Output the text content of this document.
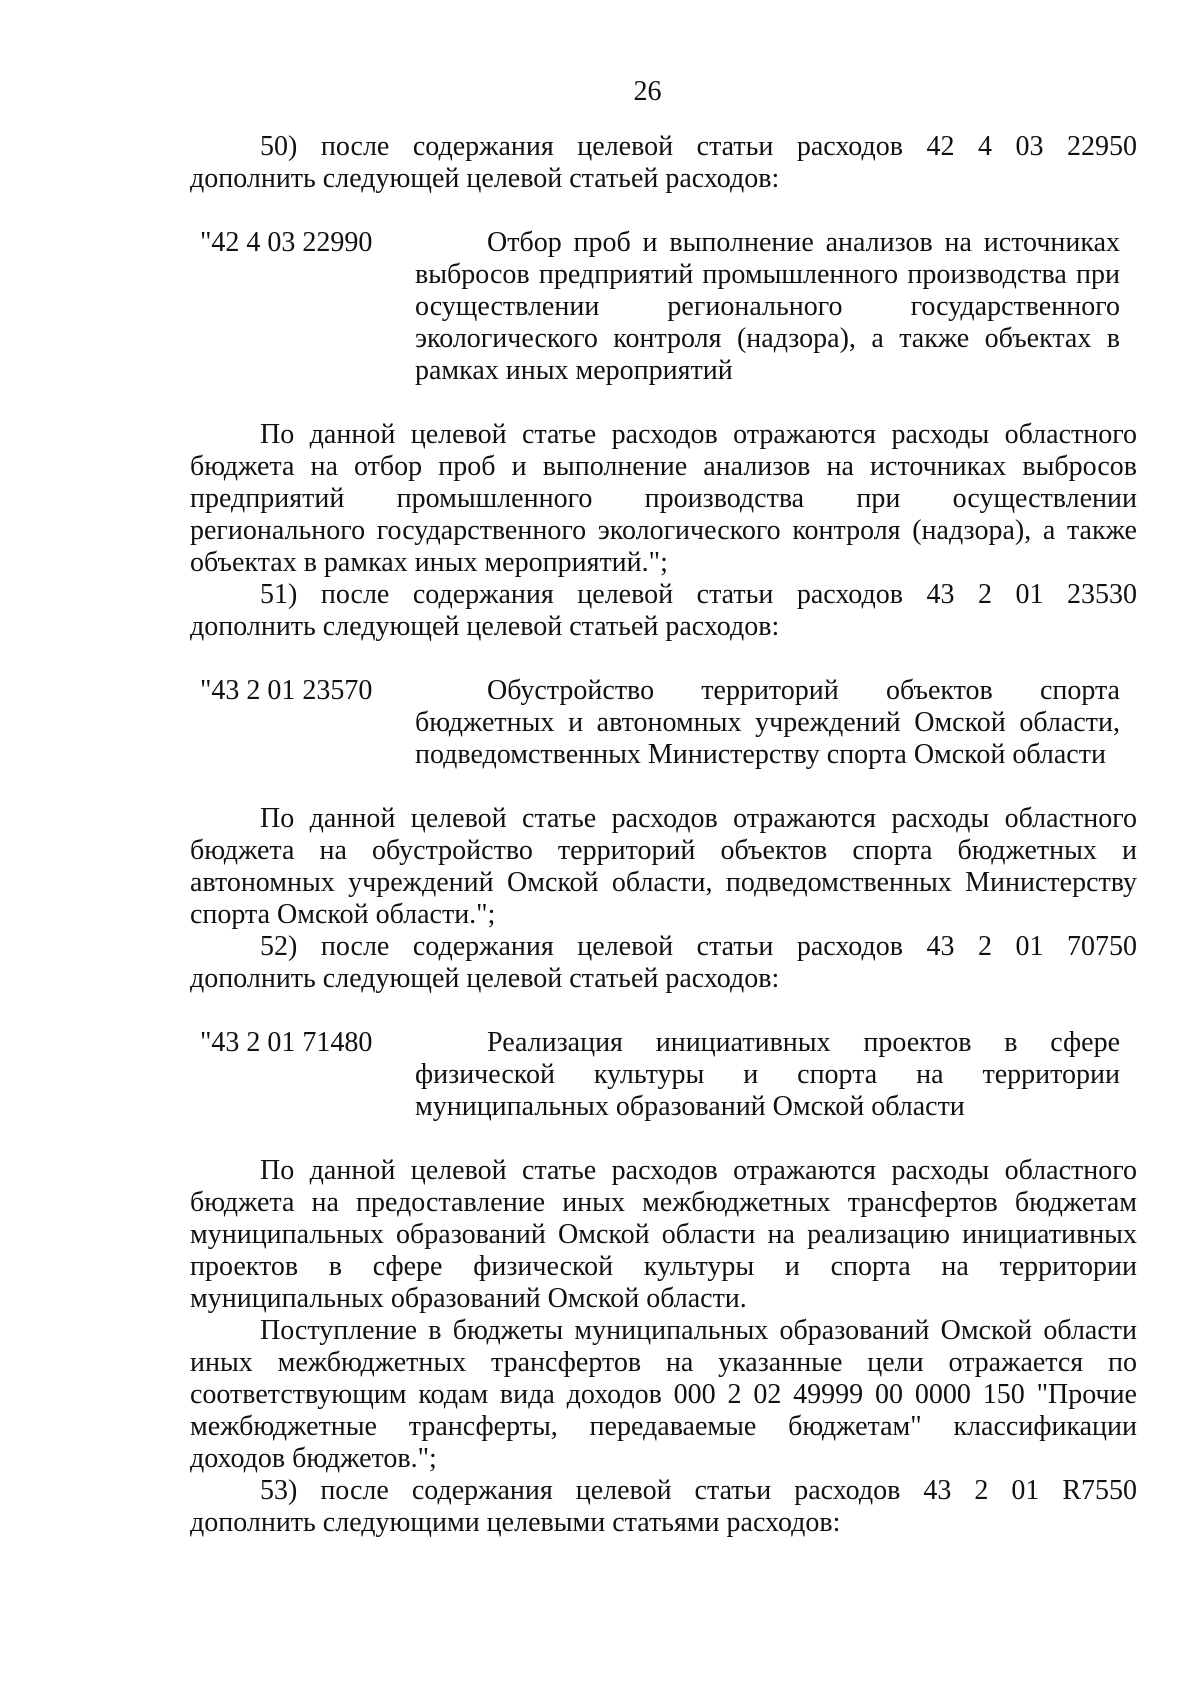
26

50) после содержания целевой статьи расходов 42 4 03 22950

дополнить следующей целевой статьей расходов:

"42 4 03 22990	Отбор проб и выполнение анализов на источниках выбросов предприятий промышленного производства при осуществлении регионального государственного экологического контроля (надзора), а также объектах в рамках иных мероприятий

По данной целевой статье расходов отражаются расходы областного бюджета на отбор проб и выполнение анализов на источниках выбросов предприятий промышленного производства при осуществлении регионального государственного экологического контроля (надзора), а также объектах в рамках иных мероприятий.";

51) после содержания целевой статьи расходов 43 2 01 23530

дополнить следующей целевой статьей расходов:

"43 2 01 23570	Обустройство территорий объектов спорта бюджетных и автономных учреждений Омской области, подведомственных Министерству спорта Омской области

По данной целевой статье расходов отражаются расходы областного бюджета на обустройство территорий объектов спорта бюджетных и автономных учреждений Омской области, подведомственных Министерству спорта Омской области.";

52) после содержания целевой статьи расходов 43 2 01 70750

дополнить следующей целевой статьей расходов:

"43 2 01 71480	Реализация инициативных проектов в сфере физической культуры и спорта на территории муниципальных образований Омской области

По данной целевой статье расходов отражаются расходы областного бюджета на предоставление иных межбюджетных трансфертов бюджетам муниципальных образований Омской области на реализацию инициативных проектов в сфере физической культуры и спорта на территории муниципальных образований Омской области.

Поступление в бюджеты муниципальных образований Омской области иных межбюджетных трансфертов на указанные цели отражается по соответствующим кодам вида доходов 000 2 02 49999 00 0000 150 "Прочие межбюджетные трансферты, передаваемые бюджетам" классификации доходов бюджетов.";

53) после содержания целевой статьи расходов 43 2 01 R7550

дополнить следующими целевыми статьями расходов:
